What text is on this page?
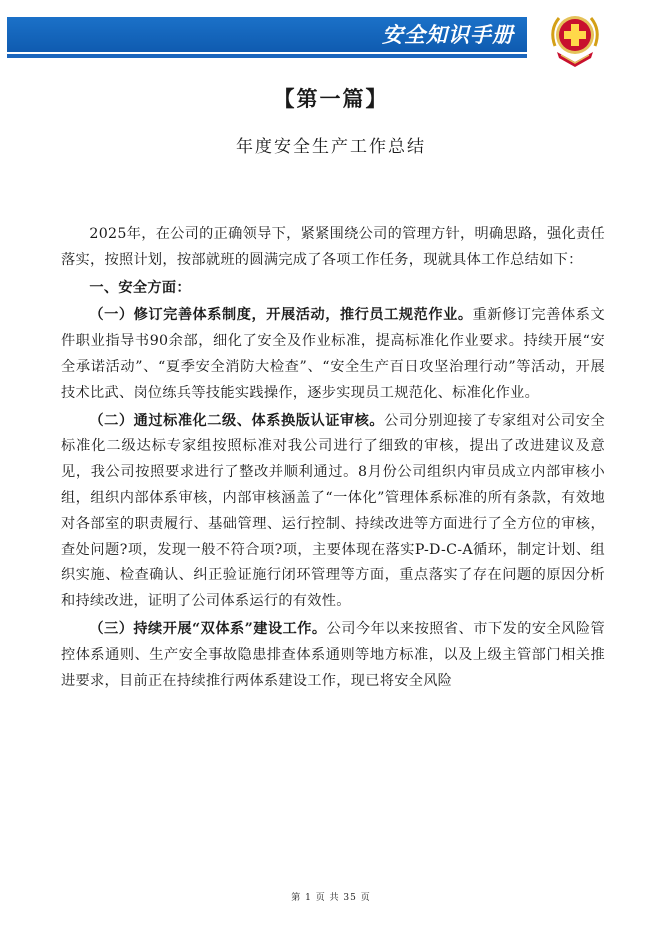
安全知识手册
【第一篇】
年度安全生产工作总结

2025年，在公司的正确领导下，紧紧围绕公司的管理方针，明确思路，强化责任落实，按照计划，按部就班的圆满完成了各项工作任务，现就具体工作总结如下：

一、安全方面：

（一）修订完善体系制度，开展活动，推行员工规范作业。重新修订完善体系文件职业指导书90余部，细化了安全及作业标准，提高标准化作业要求。持续开展“安全承诺活动”、“夏季安全消防大检查”、“安全生产百日攻坚治理行动”等活动，开展技术比武、岗位练兵等技能实践操作，逐步实现员工规范化、标准化作业。

（二）通过标准化二级、体系换版认证审核。公司分别迎接了专家组对公司安全标准化二级达标专家组按照标准对我公司进行了细致的审核，提出了改进建议及意见，我公司按照要求进行了整改并顺利通过。8月份公司组织内审员成立内部审核小组，组织内部体系审核，内部审核涵盖了“一体化”管理体系标准的所有条款，有效地对各部室的职责履行、基础管理、运行控制、持续改进等方面进行了全方位的审核，查处问题?项，发现一般不符合项?项，主要体现在落实P-D-C-A循环，制定计划、组织实施、检查确认、纠正验证施行闭环管理等方面，重点落实了存在问题的原因分析和持续改进，证明了公司体系运行的有效性。

（三）持续开展“双体系”建设工作。公司今年以来按照省、市下发的安全风险管控体系通则、生产安全事故隐患排查体系通则等地方标准，以及上级主管部门相关推进要求，目前正在持续推行两体系建设工作，现已将安全风险

第 1 页 共 35 页
